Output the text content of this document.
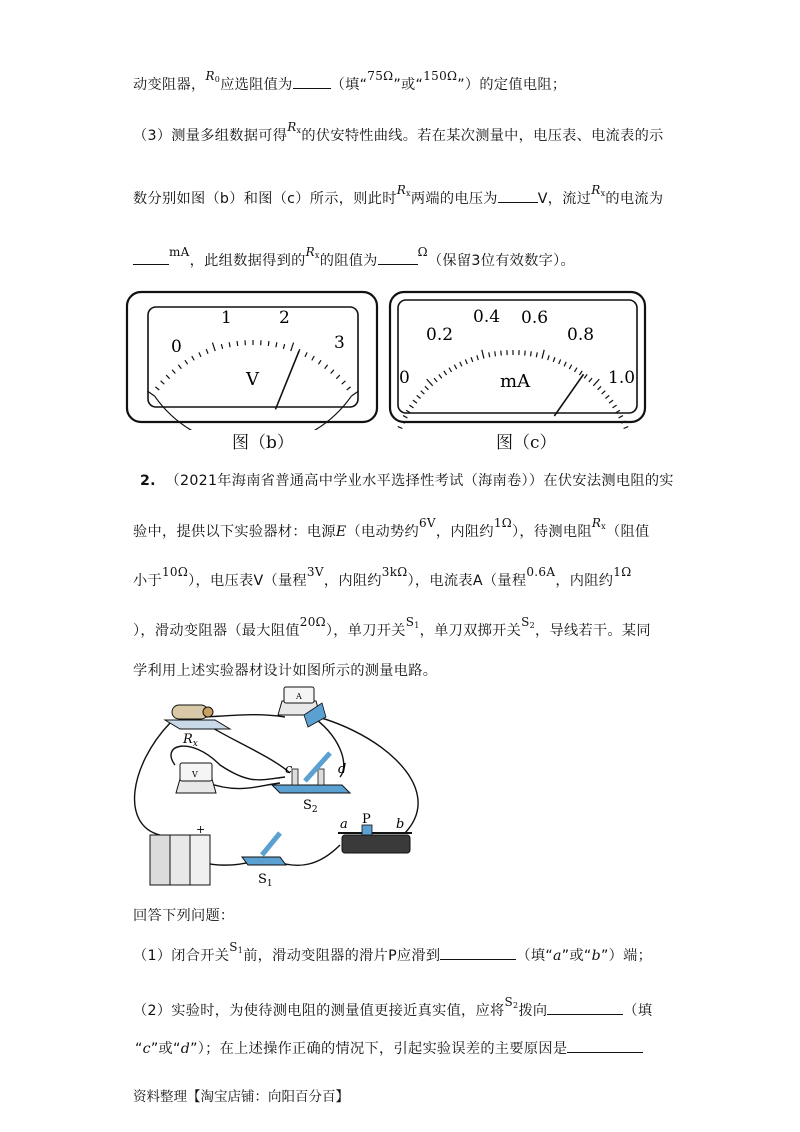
动变阻器，$^{R_0}$应选阻值为	（填“$^{75\Omega}$”或“$^{150\Omega}$”）的定值电阻；
（3）测量多组数据可得$^{R_x}$的伏安特性曲线。若在某次测量中，电压表、电流表的示
数分别如图（b）和图（c）所示，则此时$^{R_x}$两端的电压为	V，流过$^{R_x}$的电流为
$^{mA}$，此组数据得到的$^{R_x}$的阻值为$^\Omega$（保留3位有效数字）。
0
1	2
3
V	0
0.2
0.4 0.6
0.8
1.0
mA
图（b）	图（c）
2. （2021年海南省普通高中学业水平选择性考试（海南卷））在伏安法测电阻的实
验中，提供以下实验器材：电源E（电动势约$^{6V}$，内阻约$^{1\Omega}$），待测电阻$^{R_x}$（阻值
小于$^{10\Omega}$），电压表V（量程$^{3V}$，内阻约$^{3k\Omega}$），电流表A（量程$^{0.6A}$，内阻约$^{1\Omega}$
），滑动变阻器（最大阻值$^{20\Omega}$），单刀开关$^{S_1}$，单刀双掷开关$^{S_2}$，导线若干。某同
学利用上述实验器材设计如图所示的测量电路。
$R_x$
A
V	c	d
$S_2$
+
$S_1$
a P b
回答下列问题：
（1）闭合开关$^{S_1}$前，滑动变阻器的滑片P应滑到	（填“a”或“b”）端；
（2）实验时，为使待测电阻的测量值更接近真实值，应将$^{S_2}$拨向	（填
“c”或“d”）；在上述操作正确的情况下，引起实验误差的主要原因是
资料整理【淘宝店铺：向阳百分百】
